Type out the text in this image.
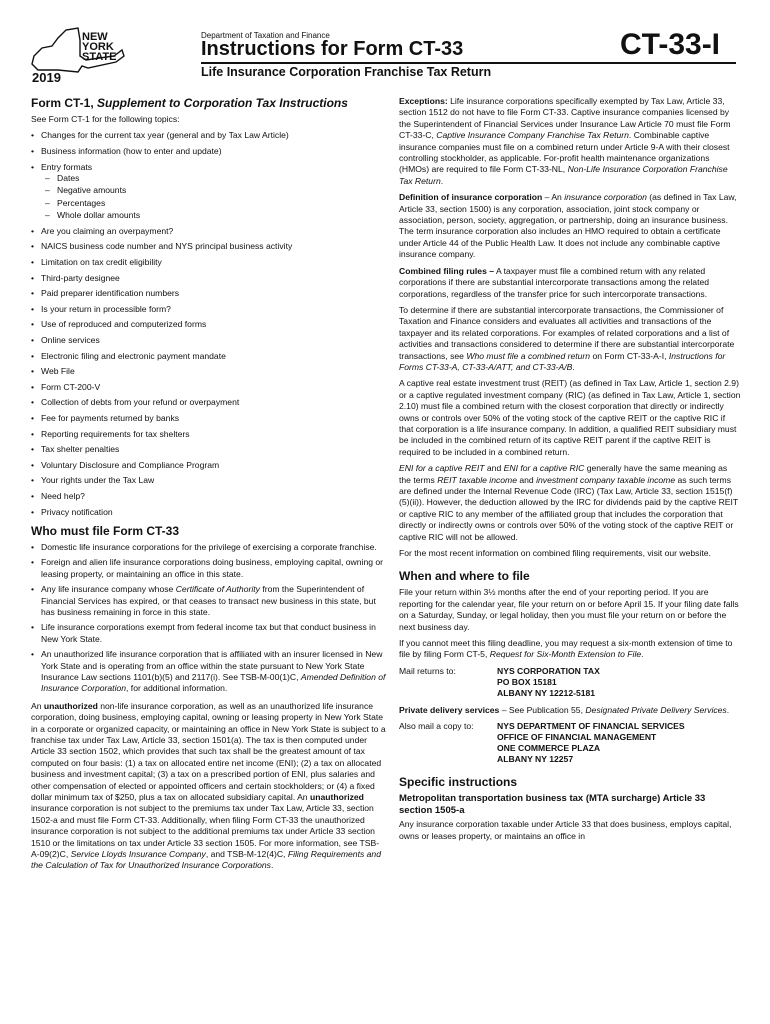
NEW
YORK
STATE
2019
Department of Taxation and Finance
Instructions for Form CT-33
Life Insurance Corporation Franchise Tax Return
CT-33-I
Form CT-1, Supplement to Corporation Tax Instructions

See Form CT-1 for the following topics:

• Changes for the current tax year (general and by Tax Law Article)
• Business information (how to enter and update)
• Entry formats
– Dates
– Negative amounts
– Percentages
– Whole dollar amounts
• Are you claiming an overpayment?
• NAICS business code number and NYS principal business activity
• Limitation on tax credit eligibility
• Third-party designee
• Paid preparer identification numbers
• Is your return in processible form?
• Use of reproduced and computerized forms
• Online services
• Electronic filing and electronic payment mandate
• Web File
• Form CT-200-V
• Collection of debts from your refund or overpayment
• Fee for payments returned by banks
• Reporting requirements for tax shelters
• Tax shelter penalties
• Voluntary Disclosure and Compliance Program
• Your rights under the Tax Law
• Need help?
• Privacy notification
Who must file Form CT-33
• Domestic life insurance corporations for the privilege of exercising a corporate franchise.
• Foreign and alien life insurance corporations doing business, employing capital, owning or leasing property, or maintaining an office in this state.
• Any life insurance company whose Certificate of Authority from the Superintendent of Financial Services has expired, or that ceases to transact new business in this state, but has business remaining in force in this state.
• Life insurance corporations exempt from federal income tax but that conduct business in New York State.
• An unauthorized life insurance corporation that is affiliated with an insurer licensed in New York State and is operating from an office within the state pursuant to New York State Insurance Law sections 1101(b)(5) and 2117(i). See TSB-M-00(1)C, Amended Definition of Insurance Corporation, for additional information.

An unauthorized non-life insurance corporation, as well as an unauthorized life insurance corporation, doing business, employing capital, owning or leasing property in New York State in a corporate or organized capacity, or maintaining an office in New York State is subject to a franchise tax under Tax Law, Article 33, section 1501(a). The tax is then computed under Article 33 section 1502, which provides that such tax shall be the greatest amount of tax computed on four basis: (1) a tax on allocated entire net income (ENI); (2) a tax on allocated business and investment capital; (3) a tax on a prescribed portion of ENI, plus salaries and other compensation of elected or appointed officers and certain stockholders; or (4) a fixed dollar minimum tax of $250, plus a tax on allocated subsidiary capital. An unauthorized insurance corporation is not subject to the premiums tax under Tax Law, Article 33, section 1502-a and must file Form CT-33. Additionally, when filing Form CT-33 the unauthorized insurance corporation is not subject to the additional premiums tax under Article 33 section 1510 or the limitations on tax under Article 33 section 1505. For more information, see TSB-A-09(2)C, Service Lloyds Insurance Company, and TSB-M-12(4)C, Filing Requirements and the Calculation of Tax for Unauthorized Insurance Corporations.

Exceptions: Life insurance corporations specifically exempted by Tax Law, Article 33, section 1512 do not have to file Form CT-33. Captive insurance companies licensed by the Superintendent of Financial Services under Insurance Law Article 70 must file Form CT-33-C, Captive Insurance Company Franchise Tax Return. Combinable captive insurance companies must file on a combined return under Article 9-A with their closest controlling stockholder, as applicable. For-profit health maintenance organizations (HMOs) are required to file Form CT-33-NL, Non-Life Insurance Corporation Franchise Tax Return.

Definition of insurance corporation – An insurance corporation (as defined in Tax Law, Article 33, section 1500) is any corporation, association, joint stock company or association, person, society, aggregation, or partnership, doing an insurance business. The term insurance corporation also includes an HMO required to obtain a certificate under Article 44 of the Public Health Law. It does not include any combinable captive insurance company.

Combined filing rules – A taxpayer must file a combined return with any related corporations if there are substantial intercorporate transactions among the related corporations, regardless of the transfer price for such intercorporate transactions.

To determine if there are substantial intercorporate transactions, the Commissioner of Taxation and Finance considers and evaluates all activities and transactions of the taxpayer and its related corporations. For examples of related corporations and a list of activities and transactions considered to determine if there are substantial intercorporate transactions, see Who must file a combined return on Form CT-33-A-I, Instructions for Forms CT-33-A, CT-33-A/ATT, and CT-33-A/B.

A captive real estate investment trust (REIT) (as defined in Tax Law, Article 1, section 2.9) or a captive regulated investment company (RIC) (as defined in Tax Law, Article 1, section 2.10) must file a combined return with the closest corporation that directly or indirectly owns or controls over 50% of the voting stock of the captive REIT or the captive RIC if that corporation is a life insurance company. In addition, a qualified REIT subsidiary must be included in the combined return of its captive REIT parent if the captive REIT is required to be included in a combined return.

ENI for a captive REIT and ENI for a captive RIC generally have the same meaning as the terms REIT taxable income and investment company taxable income as such terms are defined under the Internal Revenue Code (IRC) (Tax Law, Article 33, section 1515(f)(5)(ii)). However, the deduction allowed by the IRC for dividends paid by the captive REIT or captive RIC to any member of the affiliated group that includes the corporation that directly or indirectly owns or controls over 50% of the voting stock of the captive REIT or captive RIC will not be allowed.

For the most recent information on combined filing requirements, visit our website.

When and where to file

File your return within 3½ months after the end of your reporting period. If you are reporting for the calendar year, file your return on or before April 15. If your filing date falls on a Saturday, Sunday, or legal holiday, then you must file your return on or before the next business day.

If you cannot meet this filing deadline, you may request a six-month extension of time to file by filing Form CT-5, Request for Six-Month Extension to File.

Mail returns to:	NYS CORPORATION TAX
PO BOX 15181
ALBANY NY 12212-5181

Private delivery services – See Publication 55, Designated Private Delivery Services.

Also mail a copy to:	NYS DEPARTMENT OF FINANCIAL SERVICES
OFFICE OF FINANCIAL MANAGEMENT
ONE COMMERCE PLAZA
ALBANY NY 12257
Specific instructions
Metropolitan transportation business tax (MTA surcharge) Article 33 section 1505-a

Any insurance corporation taxable under Article 33 that does business, employs capital, owns or leases property, or maintains an office in
